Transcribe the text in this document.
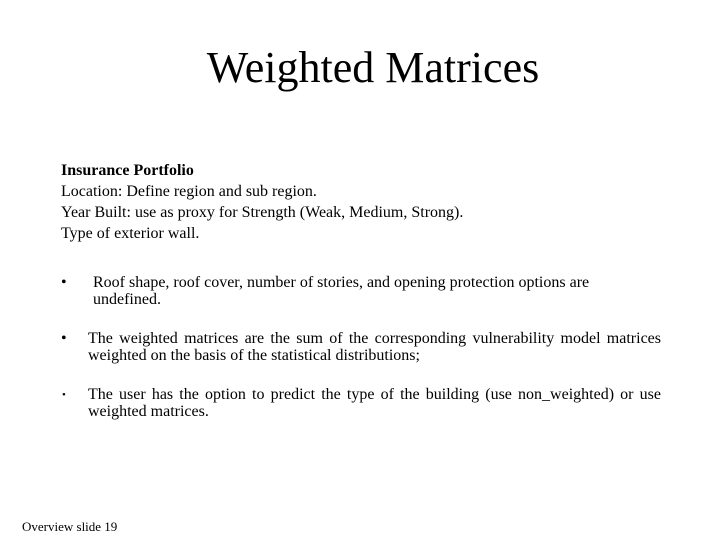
Weighted Matrices
Insurance Portfolio
Location: Define region and sub region.
Year Built: use as proxy for Strength (Weak, Medium, Strong).
Type of exterior wall.
•	Roof shape, roof cover, number of stories, and opening protection options are undefined.
• The weighted matrices are the sum of the corresponding vulnerability model matrices weighted on the basis of the statistical distributions;
• The user has the option to predict the type of the building (use non_weighted) or use weighted matrices.
Overview slide 19
